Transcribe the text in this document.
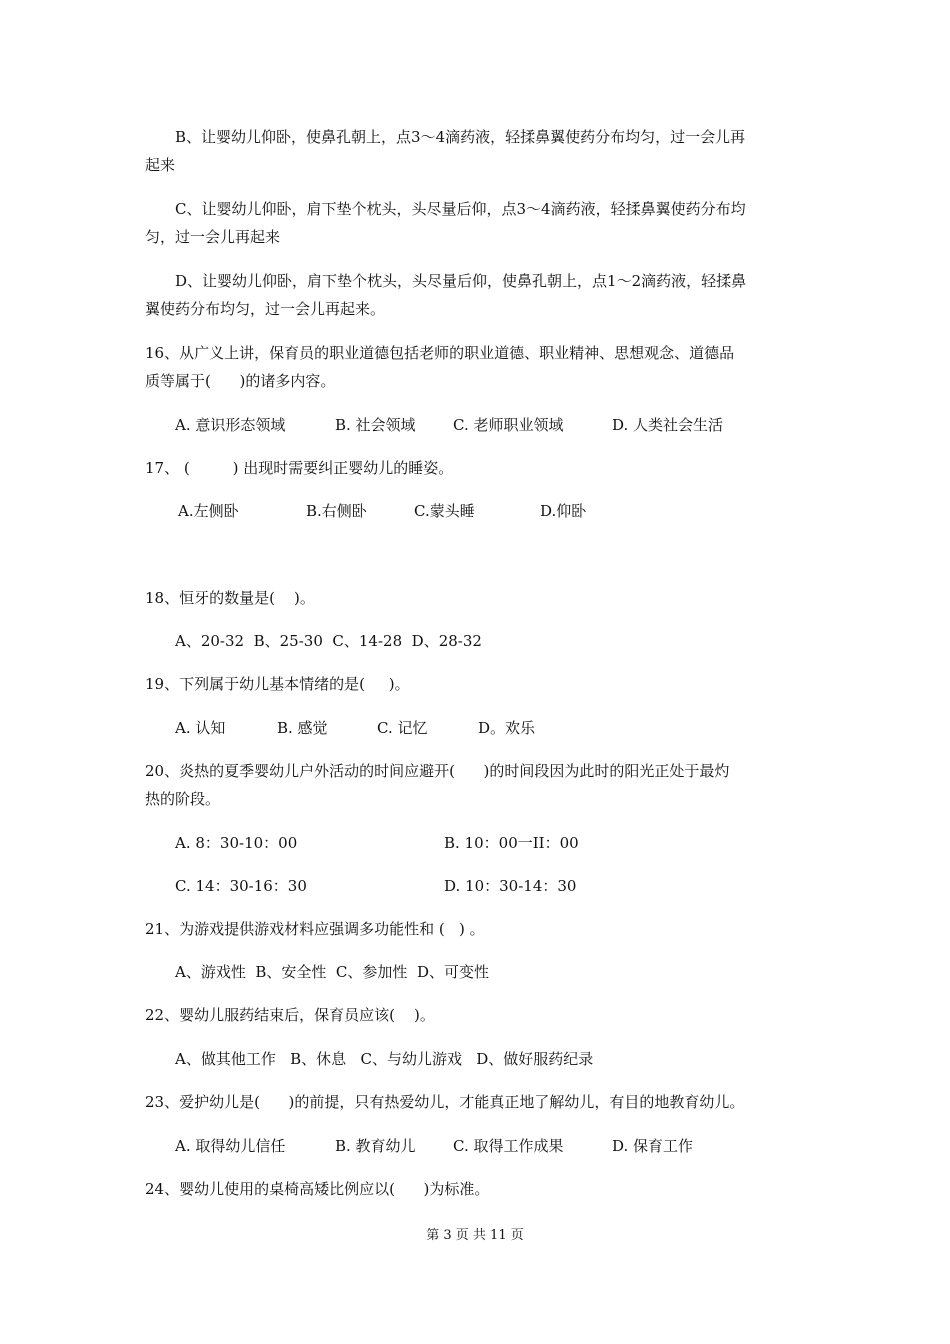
B、让婴幼儿仰卧，使鼻孔朝上，点3～4滴药液，轻揉鼻翼使药分布均匀，过一会儿再

起来

C、让婴幼儿仰卧，肩下垫个枕头，头尽量后仰，点3～4滴药液，轻揉鼻翼使药分布均

匀，过一会儿再起来

D、让婴幼儿仰卧，肩下垫个枕头，头尽量后仰，使鼻孔朝上，点1～2滴药液，轻揉鼻

翼使药分布均匀，过一会儿再起来。

16、从广义上讲，保育员的职业道德包括老师的职业道德、职业精神、思想观念、道德品

质等属于(      )的诸多内容。

A. 意识形态领域	B. 社会领域 C. 老师职业领域	D. 人类社会生活

17、 (         ) 出现时需要纠正婴幼儿的睡姿。

A.左侧卧	B.右侧卧	C.蒙头睡	D.仰卧

18、恒牙的数量是(    )。

A、20-32  B、25-30  C、14-28  D、28-32

19、下列属于幼儿基本情绪的是(     )。

A. 认知	B. 感觉	C. 记忆	D。欢乐

20、炎热的夏季婴幼儿户外活动的时间应避开(      )的时间段因为此时的阳光正处于最灼

热的阶段。

A. 8：30-10：00	B. 10：00一II：00
C. 14：30-16：30	D. 10：30-14：30

21、为游戏提供游戏材料应强调多功能性和 (   ) 。

A、游戏性  B、安全性  C、参加性  D、可变性

22、婴幼儿服药结束后，保育员应该(    )。

A、做其他工作   B、休息   C、与幼儿游戏   D、做好服药纪录

23、爱护幼儿是(      )的前提，只有热爱幼儿，才能真正地了解幼儿，有目的地教育幼儿。

A. 取得幼儿信任	B. 教育幼儿 C. 取得工作成果	D. 保育工作

24、婴幼儿使用的桌椅高矮比例应以(      )为标准。

第 3 页 共 11 页
